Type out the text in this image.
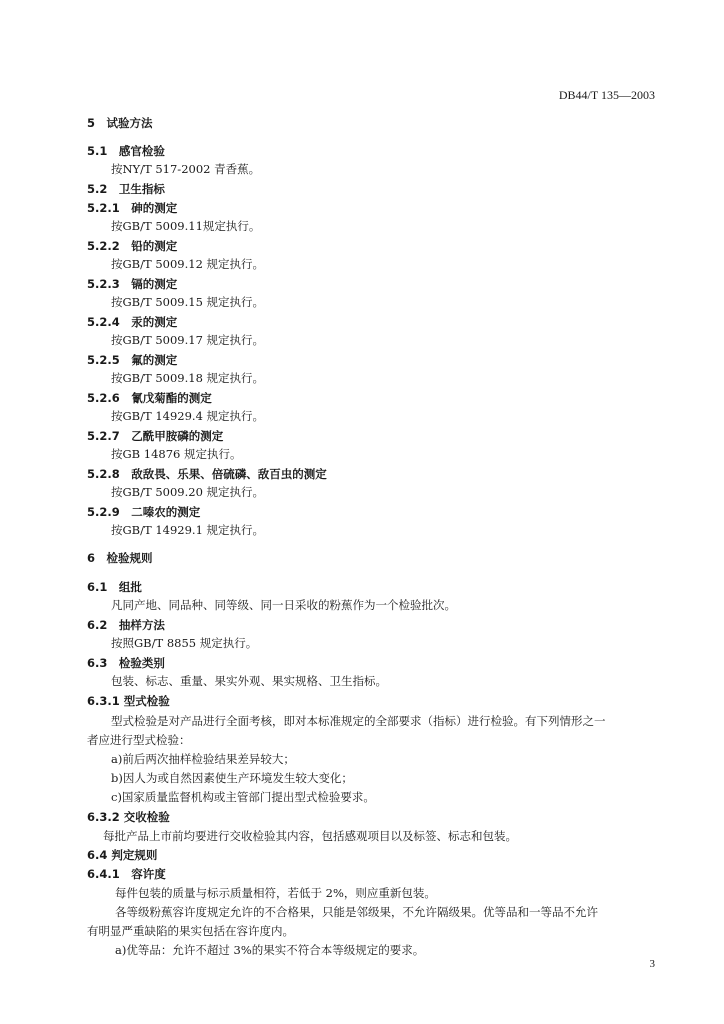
DB44/T 135—2003
5　试验方法
5.1　感官检验
按NY/T 517-2002 青香蕉。
5.2　卫生指标
5.2.1　砷的测定
按GB/T 5009.11规定执行。
5.2.2　铅的测定
按GB/T 5009.12 规定执行。
5.2.3　镉的测定
按GB/T 5009.15 规定执行。
5.2.4　汞的测定
按GB/T 5009.17 规定执行。
5.2.5　氟的测定
按GB/T 5009.18 规定执行。
5.2.6　氰戊菊酯的测定
按GB/T 14929.4 规定执行。
5.2.7　乙酰甲胺磷的测定
按GB 14876 规定执行。
5.2.8　敌敌畏、乐果、倍硫磷、敌百虫的测定
按GB/T 5009.20 规定执行。
5.2.9　二嗪农的测定
按GB/T 14929.1 规定执行。
6　检验规则
6.1　组批
凡同产地、同品种、同等级、同一日采收的粉蕉作为一个检验批次。
6.2　抽样方法
按照GB/T 8855 规定执行。
6.3　检验类别
包装、标志、重量、果实外观、果实规格、卫生指标。
6.3.1 型式检验
型式检验是对产品进行全面考核，即对本标准规定的全部要求（指标）进行检验。有下列情形之一
者应进行型式检验：
a)前后两次抽样检验结果差异较大；
b)因人为或自然因素使生产环境发生较大变化；
c)国家质量监督机构或主管部门提出型式检验要求。
6.3.2 交收检验
每批产品上市前均要进行交收检验其内容，包括感观项目以及标签、标志和包装。
6.4 判定规则
6.4.1　容许度
每件包装的质量与标示质量相符，若低于 2%，则应重新包装。
各等级粉蕉容许度规定允许的不合格果，只能是邻级果，不允许隔级果。优等品和一等品不允许
有明显严重缺陷的果实包括在容许度内。
a)优等品：允许不超过 3%的果实不符合本等级规定的要求。
3
